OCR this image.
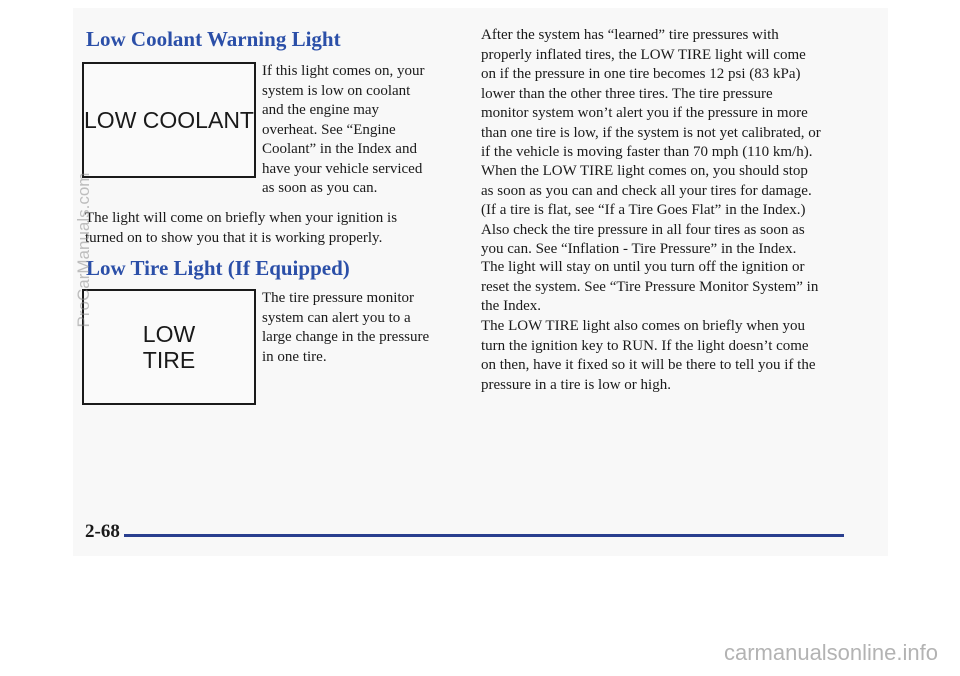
Low Coolant Warning Light
LOW COOLANT

If this light comes on, your
system is low on coolant
and the engine may
overheat. See “Engine
Coolant” in the Index and
have your vehicle serviced
as soon as you can.

The light will come on briefly when your ignition is
turned on to show you that it is working properly.

Low Tire Light (If Equipped)
LOW
TIRE

The tire pressure monitor
system can alert you to a
large change in the pressure
in one tire.

After the system has “learned” tire pressures with
properly inflated tires, the LOW TIRE light will come
on if the pressure in one tire becomes 12 psi (83 kPa)
lower than the other three tires. The tire pressure
monitor system won’t alert you if the pressure in more
than one tire is low, if the system is not yet calibrated, or
if the vehicle is moving faster than 70 mph (110 km/h).

When the LOW TIRE light comes on, you should stop
as soon as you can and check all your tires for damage.
(If a tire is flat, see “If a Tire Goes Flat” in the Index.)
Also check the tire pressure in all four tires as soon as
you can. See “Inflation - Tire Pressure” in the Index.

The light will stay on until you turn off the ignition or
reset the system. See “Tire Pressure Monitor System” in
the Index.

The LOW TIRE light also comes on briefly when you
turn the ignition key to RUN. If the light doesn’t come
on then, have it fixed so it will be there to tell you if the
pressure in a tire is low or high.

2-68

ProCarManuals.com
carmanualsonline.info
